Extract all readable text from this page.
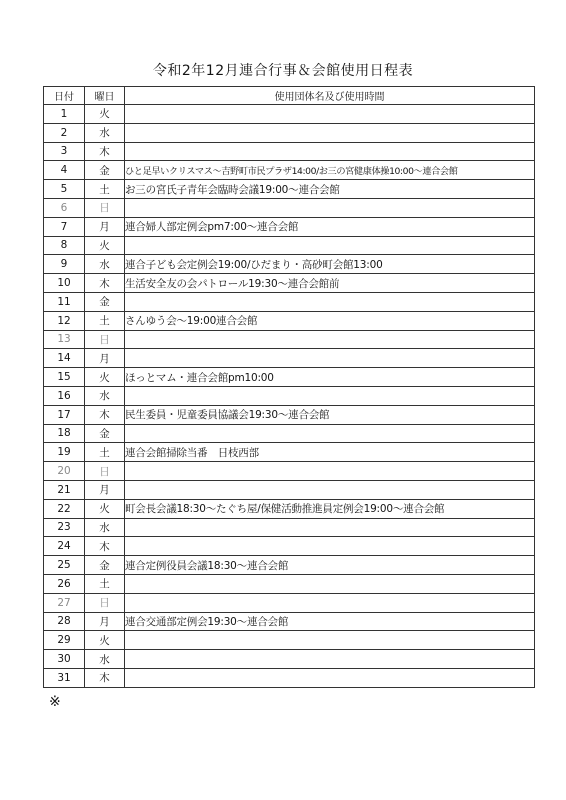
令和2年12月連合行事＆会館使用日程表
日付	曜日	使用団体名及び使用時間
1	火	
2	水	
3	木	
4	金	ひと足早いクリスマス〜吉野町市民プラザ14:00/お三の宮健康体操10:00〜連合会館
5	土	お三の宮氏子青年会臨時会議19:00〜連合会館
6	日	
7	月	連合婦人部定例会pm7:00〜連合会館
8	火	
9	水	連合子ども会定例会19:00/ひだまり・高砂町会館13:00
10	木	生活安全友の会パトロール19:30〜連合会館前
11	金	
12	土	さんゆう会〜19:00連合会館
13	日	
14	月	
15	火	ほっとマム・連合会館pm10:00
16	水	
17	木	民生委員・児童委員協議会19:30〜連合会館
18	金	
19	土	連合会館掃除当番　日枝西部
20	日	
21	月	
22	火	町会長会議18:30〜たぐち屋/保健活動推進員定例会19:00〜連合会館
23	水	
24	木	
25	金	連合定例役員会議18:30〜連合会館
26	土	
27	日	
28	月	連合交通部定例会19:30〜連合会館
29	火	
30	水	
31	木	
※
